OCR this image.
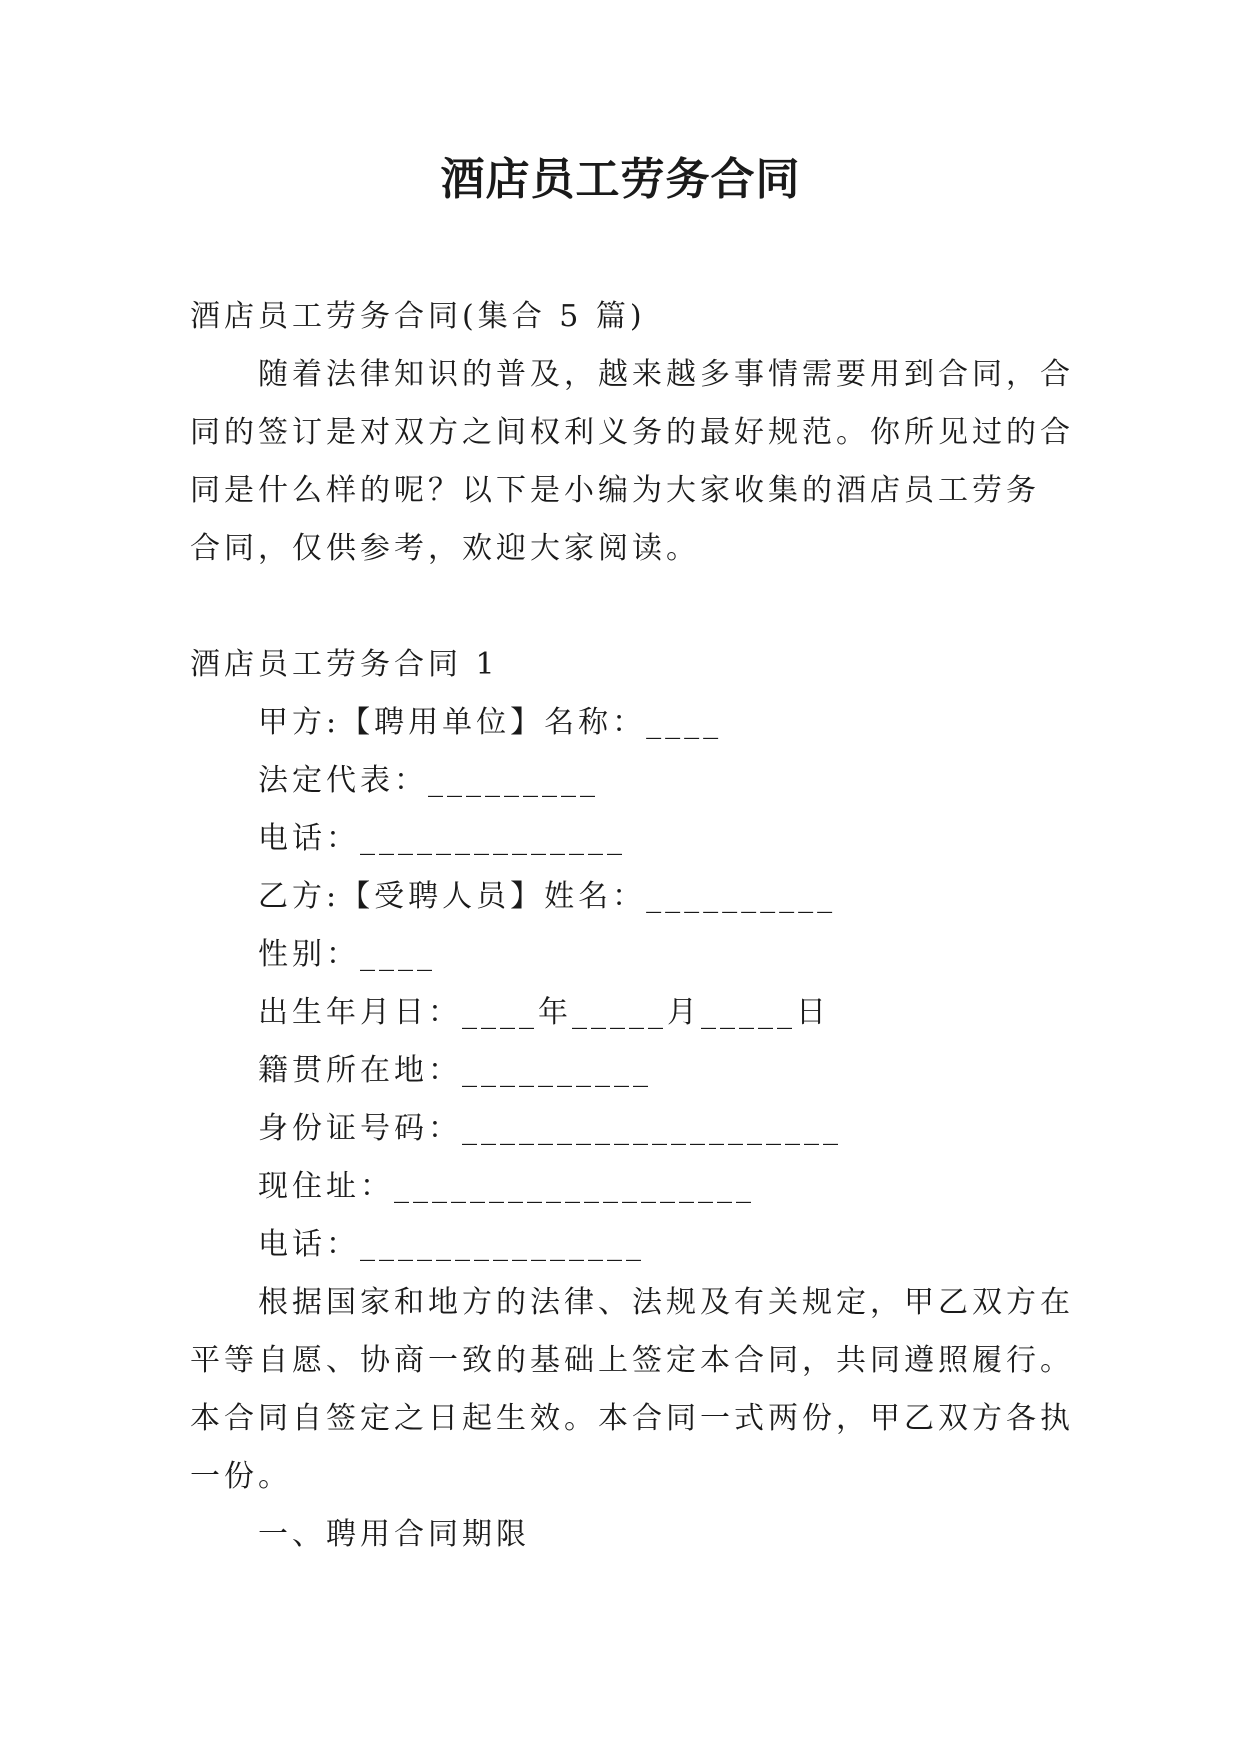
酒店员工劳务合同

酒店员工劳务合同(集合 5 篇)

随着法律知识的普及，越来越多事情需要用到合同，合

同的签订是对双方之间权利义务的最好规范。你所见过的合

同是什么样的呢？以下是小编为大家收集的酒店员工劳务

合同，仅供参考，欢迎大家阅读。

酒店员工劳务合同 1

甲方:【聘用单位】名称：____

法定代表：_________

电话：______________

乙方:【受聘人员】姓名：__________

性别：____

出生年月日：____年_____月_____日

籍贯所在地：__________

身份证号码：____________________

现住址：___________________

电话：_______________

根据国家和地方的法律、法规及有关规定，甲乙双方在

平等自愿、协商一致的基础上签定本合同，共同遵照履行。

本合同自签定之日起生效。本合同一式两份，甲乙双方各执

一份。

一、聘用合同期限
